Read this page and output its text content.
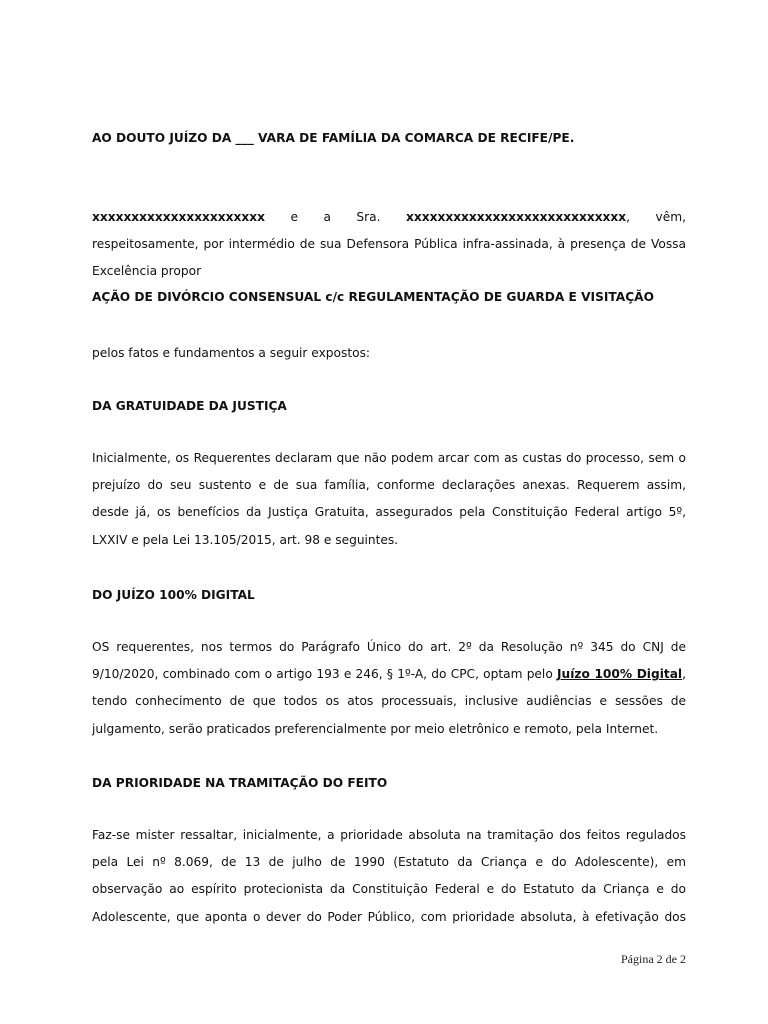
AO DOUTO JUÍZO DA ___ VARA DE FAMÍLIA DA COMARCA DE RECIFE/PE.

xxxxxxxxxxxxxxxxxxxxxx e a Sra. xxxxxxxxxxxxxxxxxxxxxxxxxxxx, vêm, respeitosamente, por intermédio de sua Defensora Pública infra-assinada, à presença de Vossa Excelência propor

AÇÃO DE DIVÓRCIO CONSENSUAL c/c REGULAMENTAÇÃO DE GUARDA E VISITAÇÃO

pelos fatos e fundamentos a seguir expostos:

DA GRATUIDADE DA JUSTIÇA

Inicialmente, os Requerentes declaram que não podem arcar com as custas do processo, sem o prejuízo do seu sustento e de sua família, conforme declarações anexas. Requerem assim, desde já, os benefícios da Justiça Gratuita, assegurados pela Constituição Federal artigo 5º, LXXIV e pela Lei 13.105/2015, art. 98 e seguintes.

DO JUÍZO 100% DIGITAL

OS requerentes, nos termos do Parágrafo Único do art. 2º da Resolução nº 345 do CNJ de 9/10/2020, combinado com o artigo 193 e 246, § 1º-A, do CPC, optam pelo Juízo 100% Digital, tendo conhecimento de que todos os atos processuais, inclusive audiências e sessões de julgamento, serão praticados preferencialmente por meio eletrônico e remoto, pela Internet.

DA PRIORIDADE NA TRAMITAÇÃO DO FEITO

Faz-se mister ressaltar, inicialmente, a prioridade absoluta na tramitação dos feitos regulados pela Lei nº 8.069, de 13 de julho de 1990 (Estatuto da Criança e do Adolescente), em observação ao espírito protecionista da Constituição Federal e do Estatuto da Criança e do Adolescente, que aponta o dever do Poder Público, com prioridade absoluta, à efetivação dos

Página 2 de 2
